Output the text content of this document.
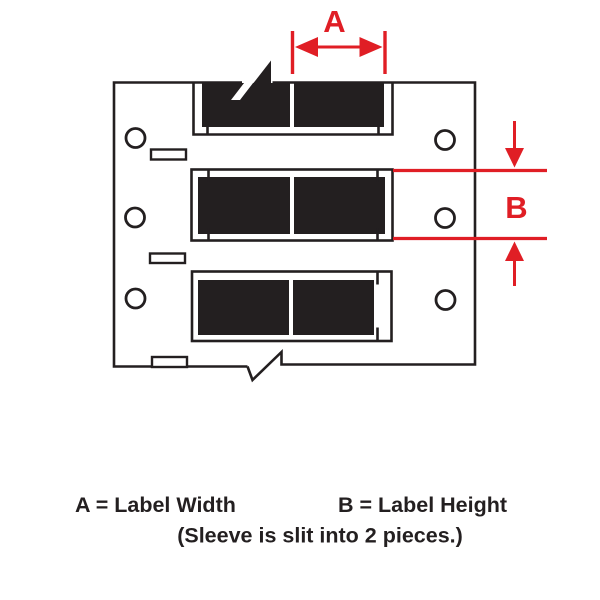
A
B
A = Label Width	B = Label Height
(Sleeve is slit into 2 pieces.)
